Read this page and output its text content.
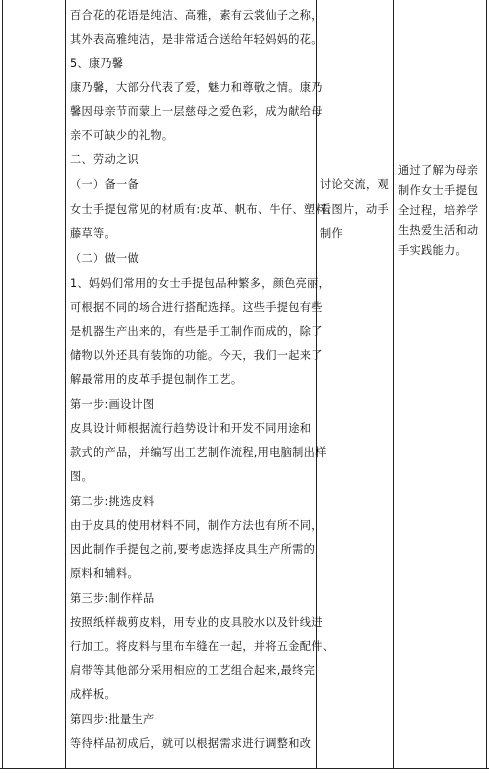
百合花的花语是纯洁、高雅，素有云裳仙子之称，
其外表高雅纯洁，是非常适合送给年轻妈妈的花。
5、康乃馨
康乃馨，大部分代表了爱，魅力和尊敬之情。康乃
馨因母亲节而蒙上一层慈母之爱色彩，成为献给母
亲不可缺少的礼物。
二、劳动之识
（一）备一备
女士手提包常见的材质有:皮革、帆布、牛仔、塑料、
藤草等。
（二）做一做
1、妈妈们常用的女士手提包品种繁多，颜色亮丽，
可根据不同的场合进行搭配选择。这些手提包有些
是机器生产出来的，有些是手工制作而成的，除了
储物以外还具有装饰的功能。今天，我们一起来了
解最常用的皮革手提包制作工艺。
第一步:画设计图
皮具设计师根据流行趋势设计和开发不同用途和
款式的产品，并编写出工艺制作流程,用电脑制出样
图。
第二步:挑选皮料
由于皮具的使用材料不同，制作方法也有所不同，
因此制作手提包之前,要考虑选择皮具生产所需的
原料和辅料。
第三步:制作样品
按照纸样裁剪皮料，用专业的皮具胶水以及针线进
行加工。将皮料与里布车缝在一起，并将五金配件、
肩带等其他部分采用相应的工艺组合起来,最终完
成样板。
第四步:批量生产
等待样品初成后，就可以根据需求进行调整和改
讨论交流，观
看图片，动手
制作
通过了解为母亲
制作女士手提包
全过程，培养学
生热爱生活和动
手实践能力。
